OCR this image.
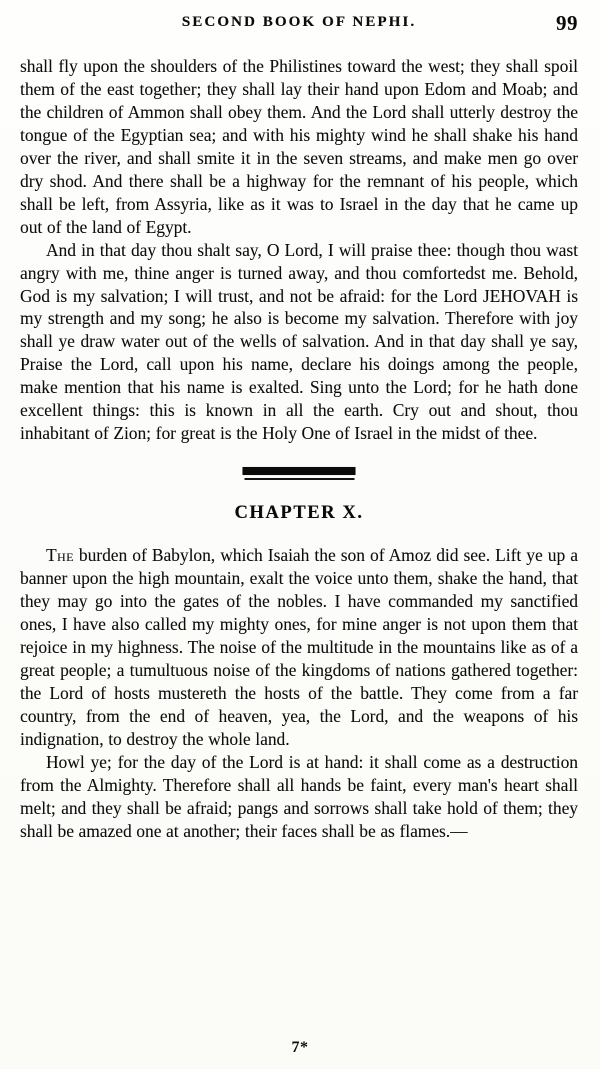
SECOND BOOK OF NEPHI.	99

shall fly upon the shoulders of the Philistines toward the west; they shall spoil them of the east together; they shall lay their hand upon Edom and Moab; and the children of Ammon shall obey them. And the Lord shall utterly destroy the tongue of the Egyptian sea; and with his mighty wind he shall shake his hand over the river, and shall smite it in the seven streams, and make men go over dry shod. And there shall be a highway for the remnant of his people, which shall be left, from Assyria, like as it was to Israel in the day that he came up out of the land of Egypt.

And in that day thou shalt say, O Lord, I will praise thee: though thou wast angry with me, thine anger is turned away, and thou comfortedst me. Behold, God is my salvation; I will trust, and not be afraid: for the Lord JEHOVAH is my strength and my song; he also is become my salvation. Therefore with joy shall ye draw water out of the wells of salvation. And in that day shall ye say, Praise the Lord, call upon his name, declare his doings among the people, make mention that his name is exalted. Sing unto the Lord; for he hath done excellent things: this is known in all the earth. Cry out and shout, thou inhabitant of Zion; for great is the Holy One of Israel in the midst of thee.

CHAPTER X.

The burden of Babylon, which Isaiah the son of Amoz did see. Lift ye up a banner upon the high mountain, exalt the voice unto them, shake the hand, that they may go into the gates of the nobles. I have commanded my sanctified ones, I have also called my mighty ones, for mine anger is not upon them that rejoice in my highness. The noise of the multitude in the mountains like as of a great people; a tumultuous noise of the kingdoms of nations gathered together: the Lord of hosts mustereth the hosts of the battle. They come from a far country, from the end of heaven, yea, the Lord, and the weapons of his indignation, to destroy the whole land.

Howl ye; for the day of the Lord is at hand: it shall come as a destruction from the Almighty. Therefore shall all hands be faint, every man's heart shall melt; and they shall be afraid; pangs and sorrows shall take hold of them; they shall be amazed one at another; their faces shall be as flames.—

7*
